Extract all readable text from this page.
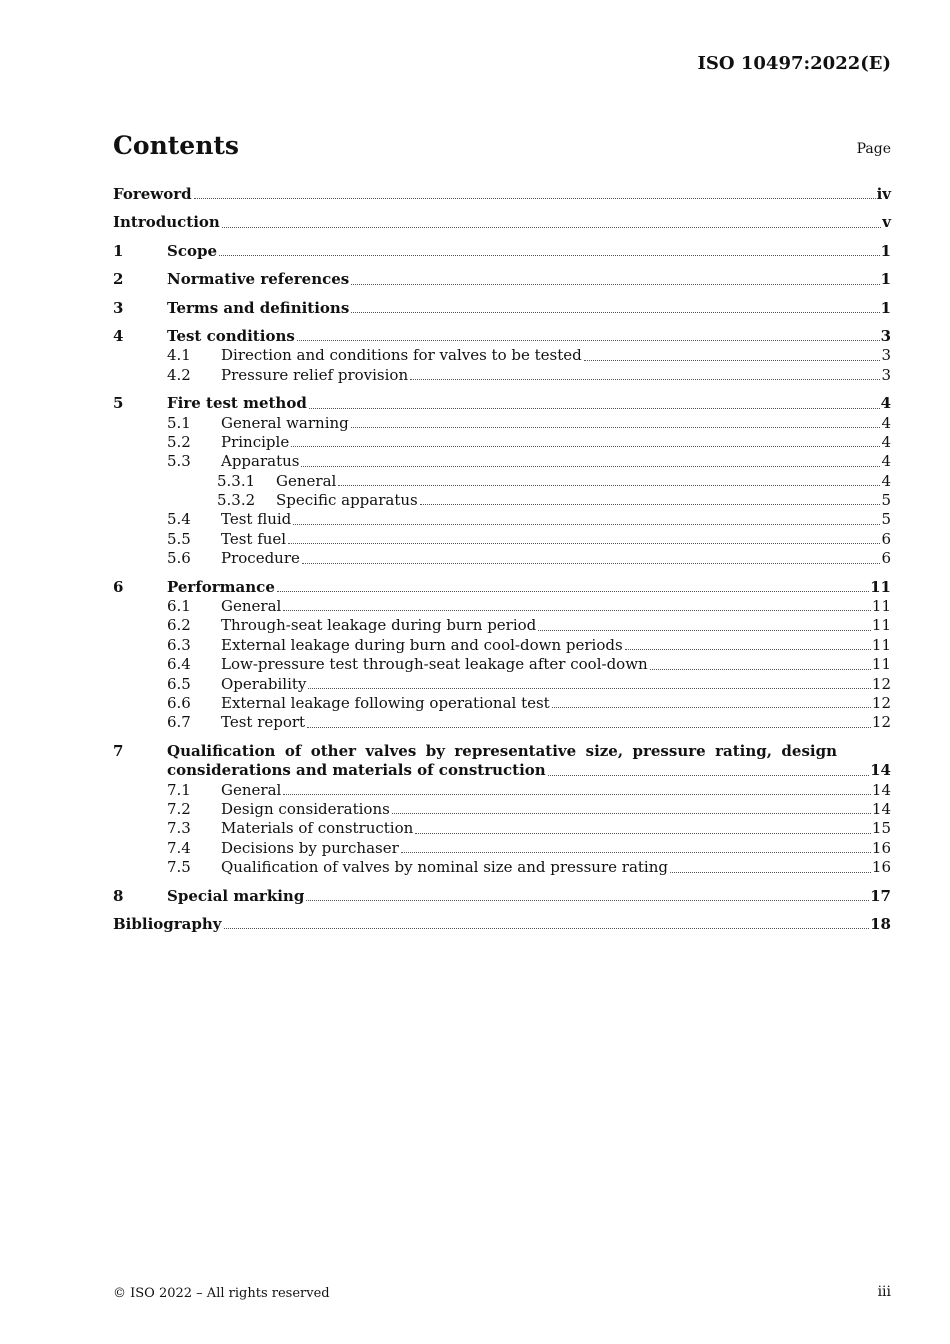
ISO 10497:2022(E)
Contents	Page
Foreword	iv
Introduction	v
1	Scope	1
2	Normative references	1
3	Terms and definitions	1
4	Test conditions	3
4.1	Direction and conditions for valves to be tested	3
4.2	Pressure relief provision	3
5	Fire test method	4
5.1	General warning	4
5.2	Principle	4
5.3	Apparatus	4
5.3.1	General	4
5.3.2	Specific apparatus	5
5.4	Test fluid	5
5.5	Test fuel	6
5.6	Procedure	6
6	Performance	11
6.1	General	11
6.2	Through-seat leakage during burn period	11
6.3	External leakage during burn and cool-down periods	11
6.4	Low-pressure test through-seat leakage after cool-down	11
6.5	Operability	12
6.6	External leakage following operational test	12
6.7	Test report	12
7	Qualification of other valves by representative size, pressure rating, design
considerations and materials of construction	14
7.1	General	14
7.2	Design considerations	14
7.3	Materials of construction	15
7.4	Decisions by purchaser	16
7.5	Qualification of valves by nominal size and pressure rating	16
8	Special marking	17
Bibliography	18
© ISO 2022 – All rights reserved	iii
